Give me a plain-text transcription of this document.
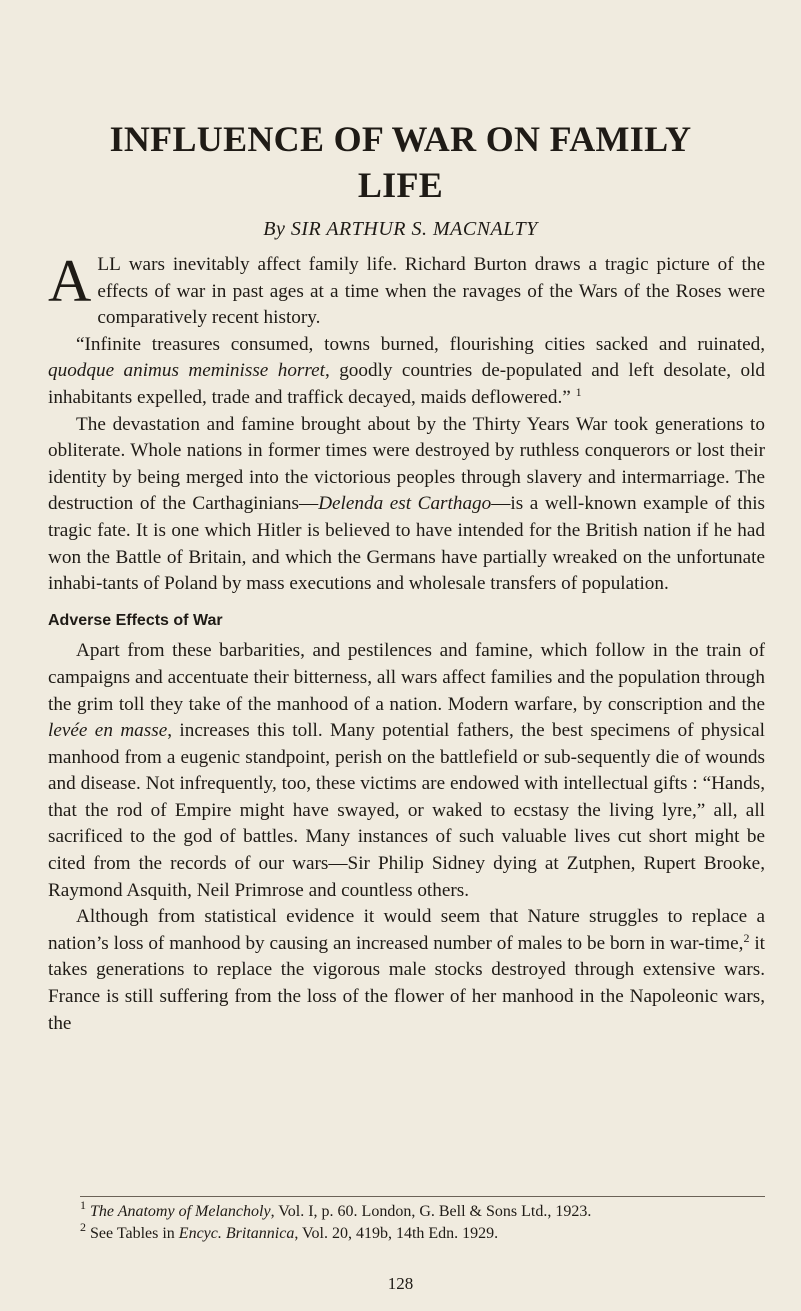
INFLUENCE OF WAR ON FAMILY
LIFE
By SIR ARTHUR S. MACNALTY

ALL wars inevitably affect family life. Richard Burton draws a tragic picture of the effects of war in past ages at a time when the ravages of the Wars of the Roses were comparatively recent history.

“Infinite treasures consumed, towns burned, flourishing cities sacked and ruinated, quodque animus meminisse horret, goodly countries de-populated and left desolate, old inhabitants expelled, trade and traffick decayed, maids deflowered.” $^1$

The devastation and famine brought about by the Thirty Years War took generations to obliterate. Whole nations in former times were destroyed by ruthless conquerors or lost their identity by being merged into the victorious peoples through slavery and intermarriage. The destruction of the Carthaginians—Delenda est Carthago—is a well-known example of this tragic fate. It is one which Hitler is believed to have intended for the British nation if he had won the Battle of Britain, and which the Germans have partially wreaked on the unfortunate inhabi-tants of Poland by mass executions and wholesale transfers of population.

Adverse Effects of War

Apart from these barbarities, and pestilences and famine, which follow in the train of campaigns and accentuate their bitterness, all wars affect families and the population through the grim toll they take of the manhood of a nation. Modern warfare, by conscription and the levée en masse, increases this toll. Many potential fathers, the best specimens of physical manhood from a eugenic standpoint, perish on the battlefield or sub-sequently die of wounds and disease. Not infrequently, too, these victims are endowed with intellectual gifts : “Hands, that the rod of Empire might have swayed, or waked to ecstasy the living lyre,” all, all sacrificed to the god of battles. Many instances of such valuable lives cut short might be cited from the records of our wars—Sir Philip Sidney dying at Zutphen, Rupert Brooke, Raymond Asquith, Neil Primrose and countless others.

Although from statistical evidence it would seem that Nature struggles to replace a nation’s loss of manhood by causing an increased number of males to be born in war-time,$^2$ it takes generations to replace the vigorous male stocks destroyed through extensive wars. France is still suffering from the loss of the flower of her manhood in the Napoleonic wars, the

$^1$ The Anatomy of Melancholy, Vol. I, p. 60. London, G. Bell & Sons Ltd., 1923.
$^2$ See Tables in Encyc. Britannica, Vol. 20, 419b, 14th Edn. 1929.
128
